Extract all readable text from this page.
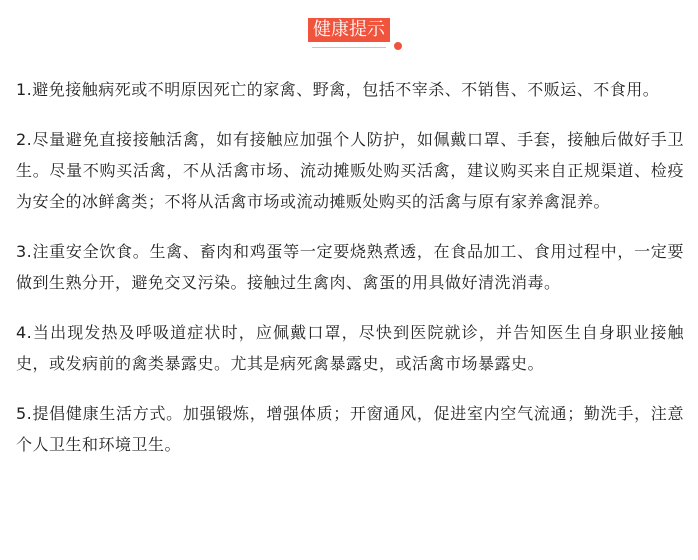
健康提示

1.避免接触病死或不明原因死亡的家禽、野禽，包括不宰杀、不销售、不贩运、不食用。

2.尽量避免直接接触活禽，如有接触应加强个人防护，如佩戴口罩、手套，接触后做好手卫生。尽量不购买活禽，不从活禽市场、流动摊贩处购买活禽，建议购买来自正规渠道、检疫为安全的冰鲜禽类；不将从活禽市场或流动摊贩处购买的活禽与原有家养禽混养。

3.注重安全饮食。生禽、畜肉和鸡蛋等一定要烧熟煮透，在食品加工、食用过程中，一定要做到生熟分开，避免交叉污染。接触过生禽肉、禽蛋的用具做好清洗消毒。

4.当出现发热及呼吸道症状时，应佩戴口罩，尽快到医院就诊，并告知医生自身职业接触史，或发病前的禽类暴露史。尤其是病死禽暴露史，或活禽市场暴露史。

5.提倡健康生活方式。加强锻炼，增强体质；开窗通风，促进室内空气流通；勤洗手，注意个人卫生和环境卫生。
